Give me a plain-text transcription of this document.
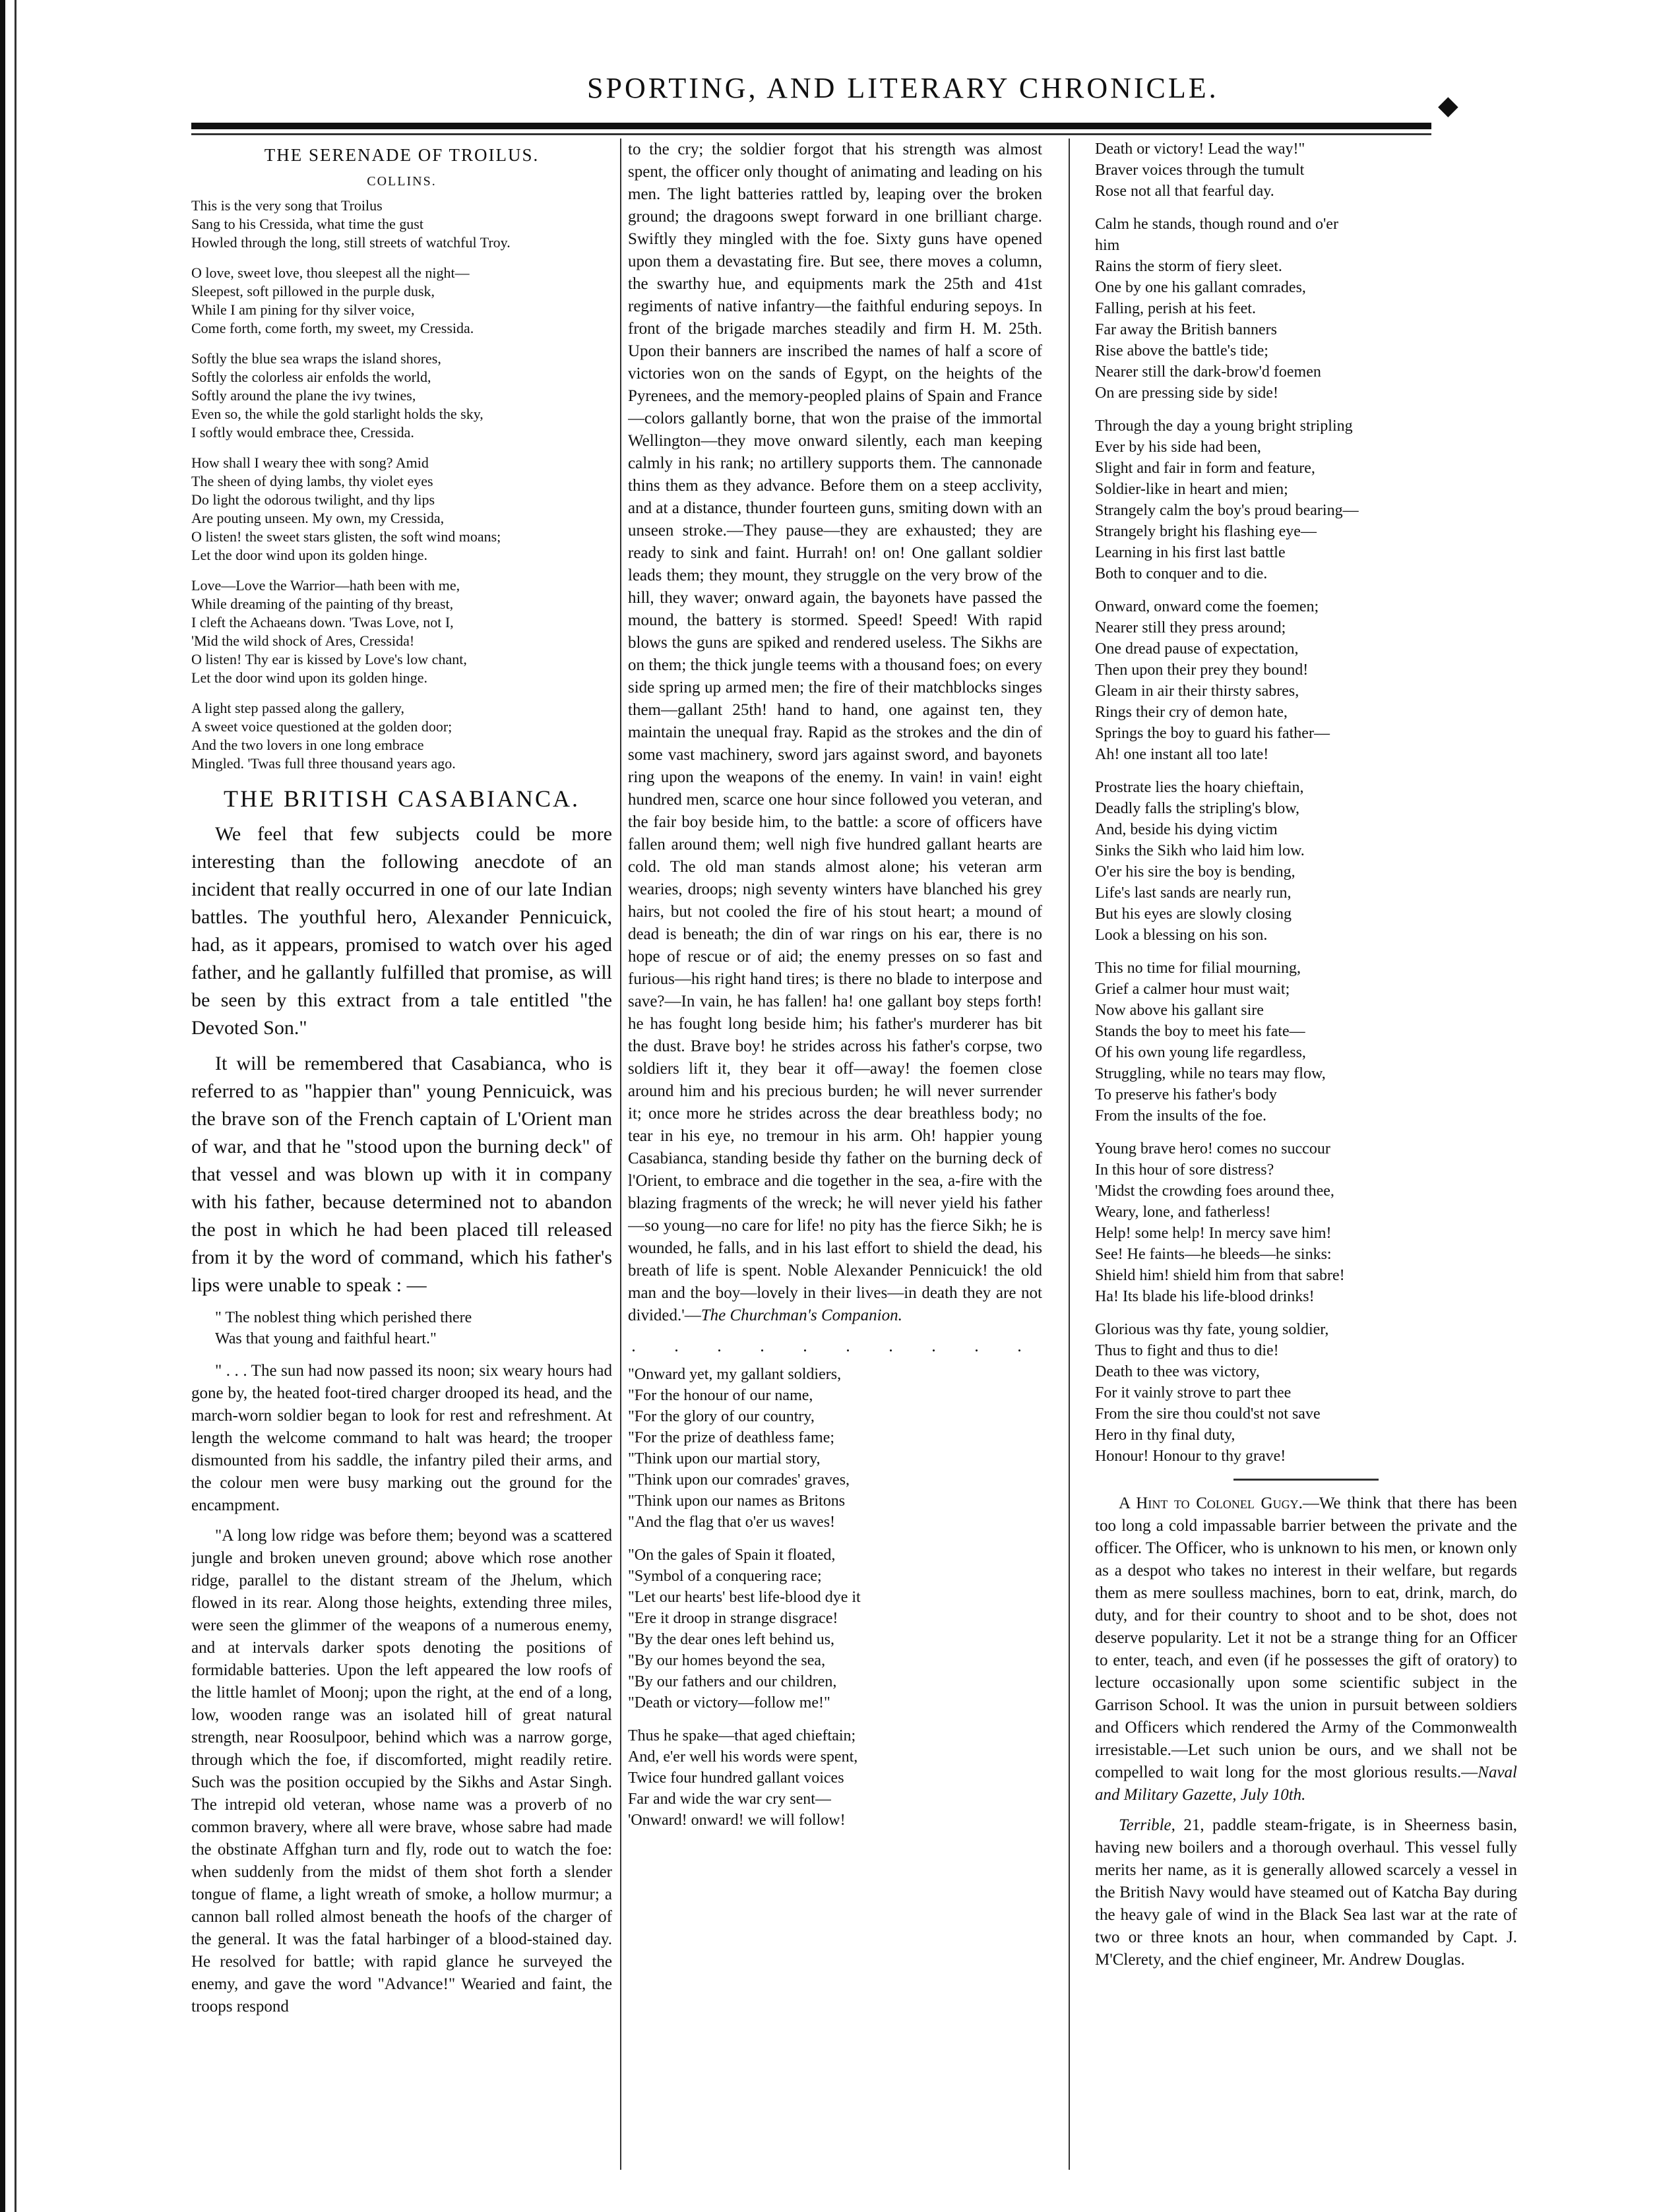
SPORTING, AND LITERARY CHRONICLE.
◆
THE SERENADE OF TROILUS.
COLLINS.
This is the very song that Troilus
Sang to his Cressida, what time the gust
Howled through the long, still streets of watchful Troy.
O love, sweet love, thou sleepest all the night—
Sleepest, soft pillowed in the purple dusk,
While I am pining for thy silver voice,
Come forth, come forth, my sweet, my Cressida.
Softly the blue sea wraps the island shores,
Softly the colorless air enfolds the world,
Softly around the plane the ivy twines,
Even so, the while the gold starlight holds the sky,
I softly would embrace thee, Cressida.
How shall I weary thee with song? Amid
The sheen of dying lambs, thy violet eyes
Do light the odorous twilight, and thy lips
Are pouting unseen. My own, my Cressida,
O listen! the sweet stars glisten, the soft wind moans;
Let the door wind upon its golden hinge.
Love—Love the Warrior—hath been with me,
While dreaming of the painting of thy breast,
I cleft the Achaeans down. 'Twas Love, not I,
'Mid the wild shock of Ares, Cressida!
O listen! Thy ear is kissed by Love's low chant,
Let the door wind upon its golden hinge.
A light step passed along the gallery,
A sweet voice questioned at the golden door;
And the two lovers in one long embrace
Mingled. 'Twas full three thousand years ago.
THE BRITISH CASABIANCA.

We feel that few subjects could be more interesting than the following anecdote of an incident that really occurred in one of our late Indian battles. The youthful hero, Alexander Pennicuick, had, as it appears, promised to watch over his aged father, and he gallantly fulfilled that promise, as will be seen by this extract from a tale entitled "the Devoted Son."

It will be remembered that Casabianca, who is referred to as "happier than" young Pennicuick, was the brave son of the French captain of L'Orient man of war, and that he "stood upon the burning deck" of that vessel and was blown up with it in company with his father, because determined not to abandon the post in which he had been placed till released from it by the word of command, which his father's lips were unable to speak : —

" The noblest thing which perished there
Was that young and faithful heart."

" . . . The sun had now passed its noon; six weary hours had gone by, the heated foot-tired charger drooped its head, and the march-worn soldier began to look for rest and refreshment. At length the welcome command to halt was heard; the trooper dismounted from his saddle, the infantry piled their arms, and the colour men were busy marking out the ground for the encampment.

"A long low ridge was before them; beyond was a scattered jungle and broken uneven ground; above which rose another ridge, parallel to the distant stream of the Jhelum, which flowed in its rear. Along those heights, extending three miles, were seen the glimmer of the weapons of a numerous enemy, and at intervals darker spots denoting the positions of formidable batteries. Upon the left appeared the low roofs of the little hamlet of Moonj; upon the right, at the end of a long, low, wooden range was an isolated hill of great natural strength, near Roosulpoor, behind which was a narrow gorge, through which the foe, if discomforted, might readily retire. Such was the position occupied by the Sikhs and Astar Singh. The intrepid old veteran, whose name was a proverb of no common bravery, where all were brave, whose sabre had made the obstinate Affghan turn and fly, rode out to watch the foe: when suddenly from the midst of them shot forth a slender tongue of flame, a light wreath of smoke, a hollow murmur; a cannon ball rolled almost beneath the hoofs of the charger of the general. It was the fatal harbinger of a blood-stained day. He resolved for battle; with rapid glance he surveyed the enemy, and gave the word "Advance!" Wearied and faint, the troops respond

to the cry; the soldier forgot that his strength was almost spent, the officer only thought of animating and leading on his men. The light batteries rattled by, leaping over the broken ground; the dragoons swept forward in one brilliant charge. Swiftly they mingled with the foe. Sixty guns have opened upon them a devastating fire. But see, there moves a column, the swarthy hue, and equipments mark the 25th and 41st regiments of native infantry—the faithful enduring sepoys. In front of the brigade marches steadily and firm H. M. 25th. Upon their banners are inscribed the names of half a score of victories won on the sands of Egypt, on the heights of the Pyrenees, and the memory-peopled plains of Spain and France—colors gallantly borne, that won the praise of the immortal Wellington—they move onward silently, each man keeping calmly in his rank; no artillery supports them. The cannonade thins them as they advance. Before them on a steep acclivity, and at a distance, thunder fourteen guns, smiting down with an unseen stroke.—They pause—they are exhausted; they are ready to sink and faint. Hurrah! on! on! One gallant soldier leads them; they mount, they struggle on the very brow of the hill, they waver; onward again, the bayonets have passed the mound, the battery is stormed. Speed! Speed! With rapid blows the guns are spiked and rendered useless. The Sikhs are on them; the thick jungle teems with a thousand foes; on every side spring up armed men; the fire of their matchblocks singes them—gallant 25th! hand to hand, one against ten, they maintain the unequal fray. Rapid as the strokes and the din of some vast machinery, sword jars against sword, and bayonets ring upon the weapons of the enemy. In vain! in vain! eight hundred men, scarce one hour since followed you veteran, and the fair boy beside him, to the battle: a score of officers have fallen around them; well nigh five hundred gallant hearts are cold. The old man stands almost alone; his veteran arm wearies, droops; nigh seventy winters have blanched his grey hairs, but not cooled the fire of his stout heart; a mound of dead is beneath; the din of war rings on his ear, there is no hope of rescue or of aid; the enemy presses on so fast and furious—his right hand tires; is there no blade to interpose and save?—In vain, he has fallen! ha! one gallant boy steps forth! he has fought long beside him; his father's murderer has bit the dust. Brave boy! he strides across his father's corpse, two soldiers lift it, they bear it off—away! the foemen close around him and his precious burden; he will never surrender it; once more he strides across the dear breathless body; no tear in his eye, no tremour in his arm. Oh! happier young Casabianca, standing beside thy father on the burning deck of l'Orient, to embrace and die together in the sea, a-fire with the blazing fragments of the wreck; he will never yield his father—so young—no care for life! no pity has the fierce Sikh; he is wounded, he falls, and in his last effort to shield the dead, his breath of life is spent. Noble Alexander Pennicuick! the old man and the boy—lovely in their lives—in death they are not divided.'—The Churchman's Companion.

. . . . . . . . . .
"Onward yet, my gallant soldiers,
"For the honour of our name,
"For the glory of our country,
"For the prize of deathless fame;
"Think upon our martial story,
"Think upon our comrades' graves,
"Think upon our names as Britons
"And the flag that o'er us waves!
"On the gales of Spain it floated,
"Symbol of a conquering race;
"Let our hearts' best life-blood dye it
"Ere it droop in strange disgrace!
"By the dear ones left behind us,
"By our homes beyond the sea,
"By our fathers and our children,
"Death or victory—follow me!"
Thus he spake—that aged chieftain;
And, e'er well his words were spent,
Twice four hundred gallant voices
Far and wide the war cry sent—
'Onward! onward! we will follow!
Death or victory! Lead the way!"
Braver voices through the tumult
Rose not all that fearful day.
Calm he stands, though round and o'er
him
Rains the storm of fiery sleet.
One by one his gallant comrades,
Falling, perish at his feet.
Far away the British banners
Rise above the battle's tide;
Nearer still the dark-brow'd foemen
On are pressing side by side!
Through the day a young bright stripling
Ever by his side had been,
Slight and fair in form and feature,
Soldier-like in heart and mien;
Strangely calm the boy's proud bearing—
Strangely bright his flashing eye—
Learning in his first last battle
Both to conquer and to die.
Onward, onward come the foemen;
Nearer still they press around;
One dread pause of expectation,
Then upon their prey they bound!
Gleam in air their thirsty sabres,
Rings their cry of demon hate,
Springs the boy to guard his father—
Ah! one instant all too late!
Prostrate lies the hoary chieftain,
Deadly falls the stripling's blow,
And, beside his dying victim
Sinks the Sikh who laid him low.
O'er his sire the boy is bending,
Life's last sands are nearly run,
But his eyes are slowly closing
Look a blessing on his son.
This no time for filial mourning,
Grief a calmer hour must wait;
Now above his gallant sire
Stands the boy to meet his fate—
Of his own young life regardless,
Struggling, while no tears may flow,
To preserve his father's body
From the insults of the foe.
Young brave hero! comes no succour
In this hour of sore distress?
'Midst the crowding foes around thee,
Weary, lone, and fatherless!
Help! some help! In mercy save him!
See! He faints—he bleeds—he sinks:
Shield him! shield him from that sabre!
Ha! Its blade his life-blood drinks!
Glorious was thy fate, young soldier,
Thus to fight and thus to die!
Death to thee was victory,
For it vainly strove to part thee
From the sire thou could'st not save
Hero in thy final duty,
Honour! Honour to thy grave!

A Hint to Colonel Gugy.—We think that there has been too long a cold impassable barrier between the private and the officer. The Officer, who is unknown to his men, or known only as a despot who takes no interest in their welfare, but regards them as mere soulless machines, born to eat, drink, march, do duty, and for their country to shoot and to be shot, does not deserve popularity. Let it not be a strange thing for an Officer to enter, teach, and even (if he possesses the gift of oratory) to lecture occasionally upon some scientific subject in the Garrison School. It was the union in pursuit between soldiers and Officers which rendered the Army of the Commonwealth irresistable.—Let such union be ours, and we shall not be compelled to wait long for the most glorious results.—Naval and Military Gazette, July 10th.

Terrible, 21, paddle steam-frigate, is in Sheerness basin, having new boilers and a thorough overhaul. This vessel fully merits her name, as it is generally allowed scarcely a vessel in the British Navy would have steamed out of Katcha Bay during the heavy gale of wind in the Black Sea last war at the rate of two or three knots an hour, when commanded by Capt. J. M'Clerety, and the chief engineer, Mr. Andrew Douglas.
